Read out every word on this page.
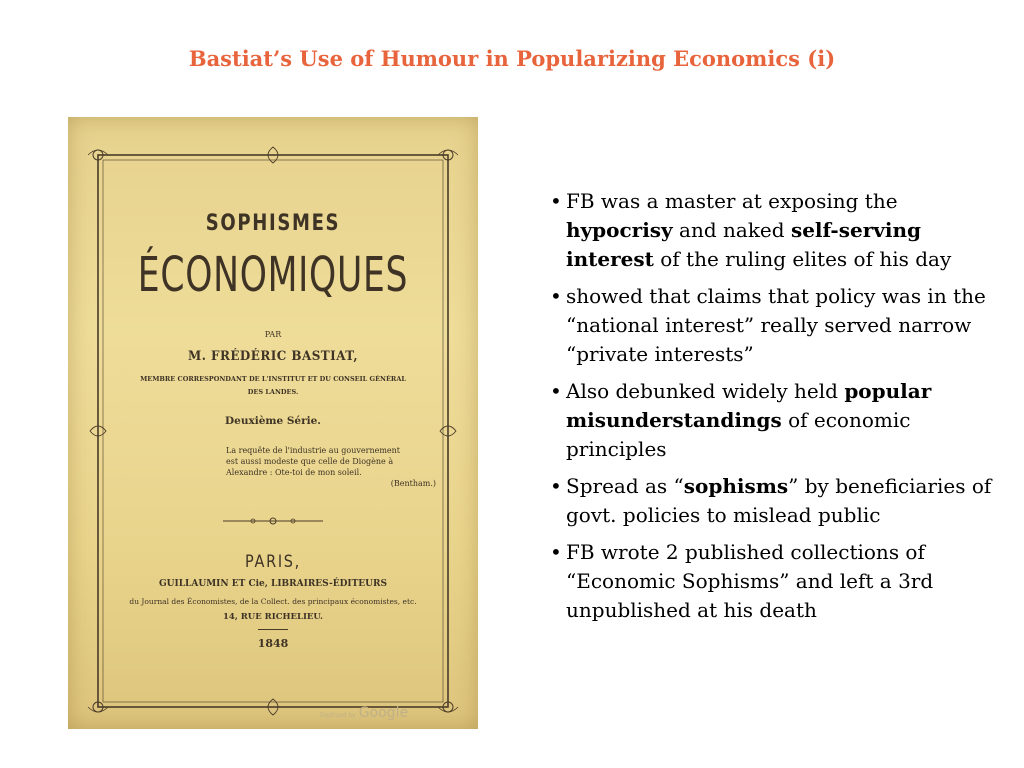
Bastiat’s Use of Humour in Popularizing Economics (i)
SOPHISMES
ÉCONOMIQUES
PAR
M. FRÉDÉRIC BASTIAT,
MEMBRE CORRESPONDANT DE L'INSTITUT ET DU CONSEIL GÉNÉRAL
DES LANDES.
Deuxième Série.
La requête de l'industrie au gouvernement
est aussi modeste que celle de Diogène à
Alexandre : Ote-toi de mon soleil.
(Bentham.)
PARIS,
GUILLAUMIN ET Cie, LIBRAIRES-ÉDITEURS
du Journal des Économistes, de la Collect. des principaux économistes, etc.
14, RUE RICHELIEU.
1848
Digitized by Google
• FB was a master at exposing the hypocrisy and naked self-serving interest of the ruling elites of his day
• showed that claims that policy was in the “national interest” really served narrow “private interests”
• Also debunked widely held popular misunderstandings of economic principles
• Spread as “sophisms” by beneficiaries of govt. policies to mislead public
• FB wrote 2 published collections of “Economic Sophisms” and left a 3rd unpublished at his death
